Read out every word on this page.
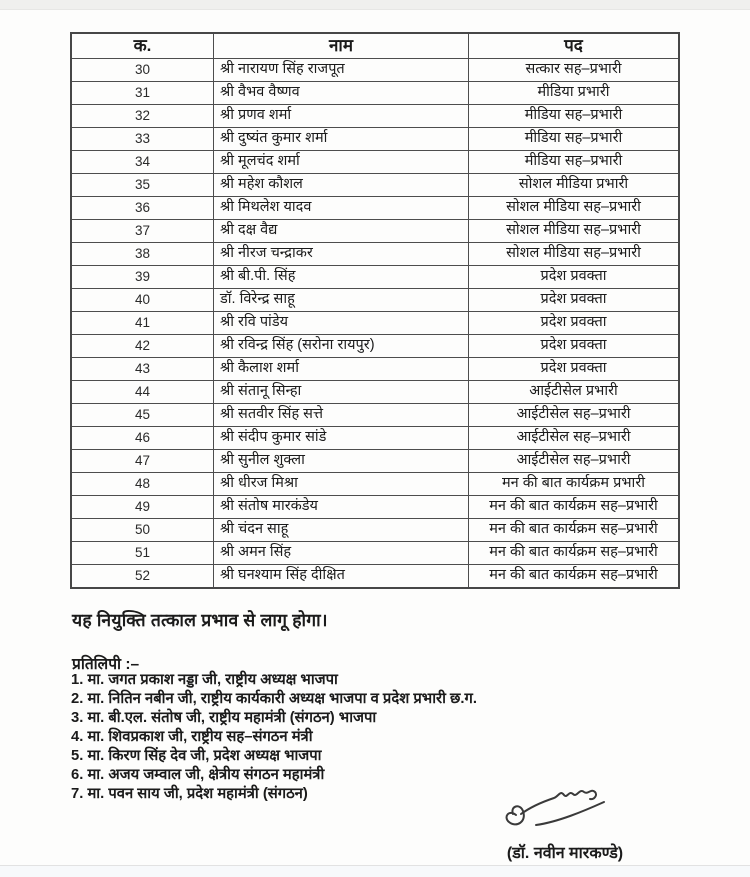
क.	नाम	पद
30	श्री नारायण सिंह राजपूत	सत्कार सह–प्रभारी
31	श्री वैभव वैष्णव	मीडिया प्रभारी
32	श्री प्रणव शर्मा	मीडिया सह–प्रभारी
33	श्री दुष्यंत कुमार शर्मा	मीडिया सह–प्रभारी
34	श्री मूलचंद शर्मा	मीडिया सह–प्रभारी
35	श्री महेश कौशल	सोशल मीडिया प्रभारी
36	श्री मिथलेश यादव	सोशल मीडिया सह–प्रभारी
37	श्री दक्ष वैद्य	सोशल मीडिया सह–प्रभारी
38	श्री नीरज चन्द्राकर	सोशल मीडिया सह–प्रभारी
39	श्री बी.पी. सिंह	प्रदेश प्रवक्ता
40	डॉ. विरेन्द्र साहू	प्रदेश प्रवक्ता
41	श्री रवि पांडेय	प्रदेश प्रवक्ता
42	श्री रविन्द्र सिंह (सरोना रायपुर)	प्रदेश प्रवक्ता
43	श्री कैलाश शर्मा	प्रदेश प्रवक्ता
44	श्री संतानू सिन्हा	आईटीसेल प्रभारी
45	श्री सतवीर सिंह सत्ते	आईटीसेल सह–प्रभारी
46	श्री संदीप कुमार सांडे	आईटीसेल सह–प्रभारी
47	श्री सुनील शुक्ला	आईटीसेल सह–प्रभारी
48	श्री धीरज मिश्रा	मन की बात कार्यक्रम प्रभारी
49	श्री संतोष मारकंडेय	मन की बात कार्यक्रम सह–प्रभारी
50	श्री चंदन साहू	मन की बात कार्यक्रम सह–प्रभारी
51	श्री अमन सिंह	मन की बात कार्यक्रम सह–प्रभारी
52	श्री घनश्याम सिंह दीक्षित	मन की बात कार्यक्रम सह–प्रभारी
यह नियुक्ति तत्काल प्रभाव से लागू होगा।
प्रतिलिपी :–
1. मा. जगत प्रकाश नड्डा जी, राष्ट्रीय अध्यक्ष भाजपा
2. मा. नितिन नबीन जी, राष्ट्रीय कार्यकारी अध्यक्ष भाजपा व प्रदेश प्रभारी छ.ग.
3. मा. बी.एल. संतोष जी, राष्ट्रीय महामंत्री (संगठन) भाजपा
4. मा. शिवप्रकाश जी, राष्ट्रीय सह–संगठन मंत्री
5. मा. किरण सिंह देव जी, प्रदेश अध्यक्ष भाजपा
6. मा. अजय जम्वाल जी, क्षेत्रीय संगठन महामंत्री
7. मा. पवन साय जी, प्रदेश महामंत्री (संगठन)
(डॉ. नवीन मारकण्डे)
